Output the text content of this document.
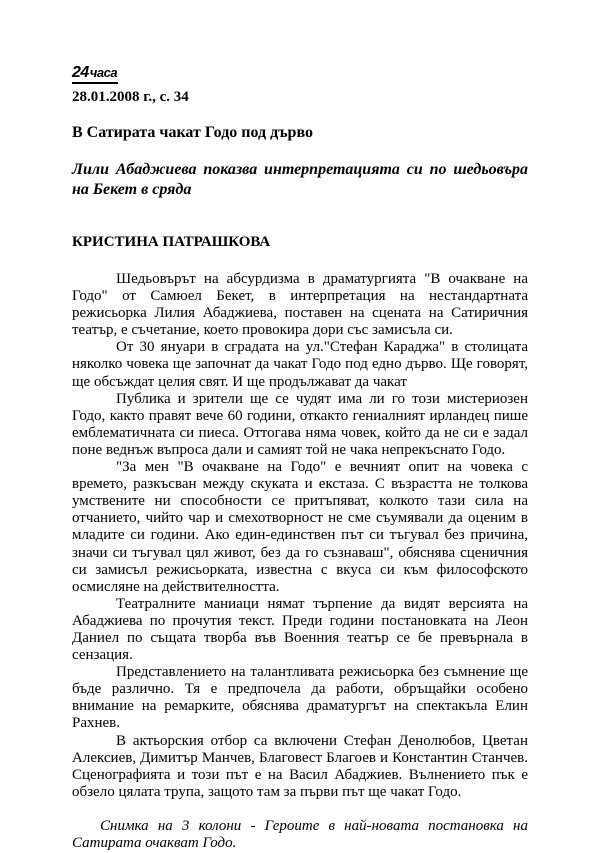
24часа
28.01.2008 г., с. 34
В Сатирата чакат Годо под дърво
Лили Абаджиева показва интерпретацията си по шедьовъра на Бекет в сряда
КРИСТИНА ПАТРАШКОВА

Шедьовърът на абсурдизма в драматургията "В очакване на Годо" от Самюел Бекет, в интерпретация на нестандартната режисьорка Лилия Абаджиева, поставен на сцената на Сатиричния театър, е съчетание, което провокира дори със замисъла си.

От 30 януари в сградата на ул."Стефан Караджа" в столицата няколко човека ще започнат да чакат Годо под едно дърво. Ще говорят, ще обсъждат целия свят. И ще продължават да чакат

Публика и зрители ще се чудят има ли го този мистериозен Годо, както правят вече 60 години, откакто гениалният ирландец пише емблематичната си пиеса. Оттогава няма човек, който да не си е задал поне веднъж въпроса дали и самият той не чака непрекъснато Годо.

"За мен "В очакване на Годо" е вечният опит на човека с времето, разкъсван между скуката и екстаза. С възрастта не толкова умствените ни способности се притъпяват, колкото тази сила на отчанието, чийто чар и смехотворност не сме съумявали да оценим в младите си години. Ако един-единствен път си тъгувал без причина, значи си тъгувал цял живот, без да го съзнаваш", обяснява сценичния си замисъл режисьорката, известна с вкуса си към философското осмисляне на действителността.

Театралните маниаци нямат търпение да видят версията на Абаджиева по прочутия текст. Преди години постановката на Леон Даниел по същата творба във Военния театър се бе превърнала в сензация.

Представлението на талантливата режисьорка без съмнение ще бъде различно. Тя е предпочела да работи, обръщайки особено внимание на ремарките, обяснява драматургът на спектакъла Елин Рахнев.

В актьорския отбор са включени Стефан Денолюбов, Цветан Алексиев, Димитър Манчев, Благовест Благоев и Константин Станчев. Сценографията и този път е на Васил Абаджиев. Вълнението пък е обзело цялата трупа, защото там за първи път ще чакат Годо.

Снимка на 3 колони - Героите в най-новата постановка на Сатирата очакват Годо.
